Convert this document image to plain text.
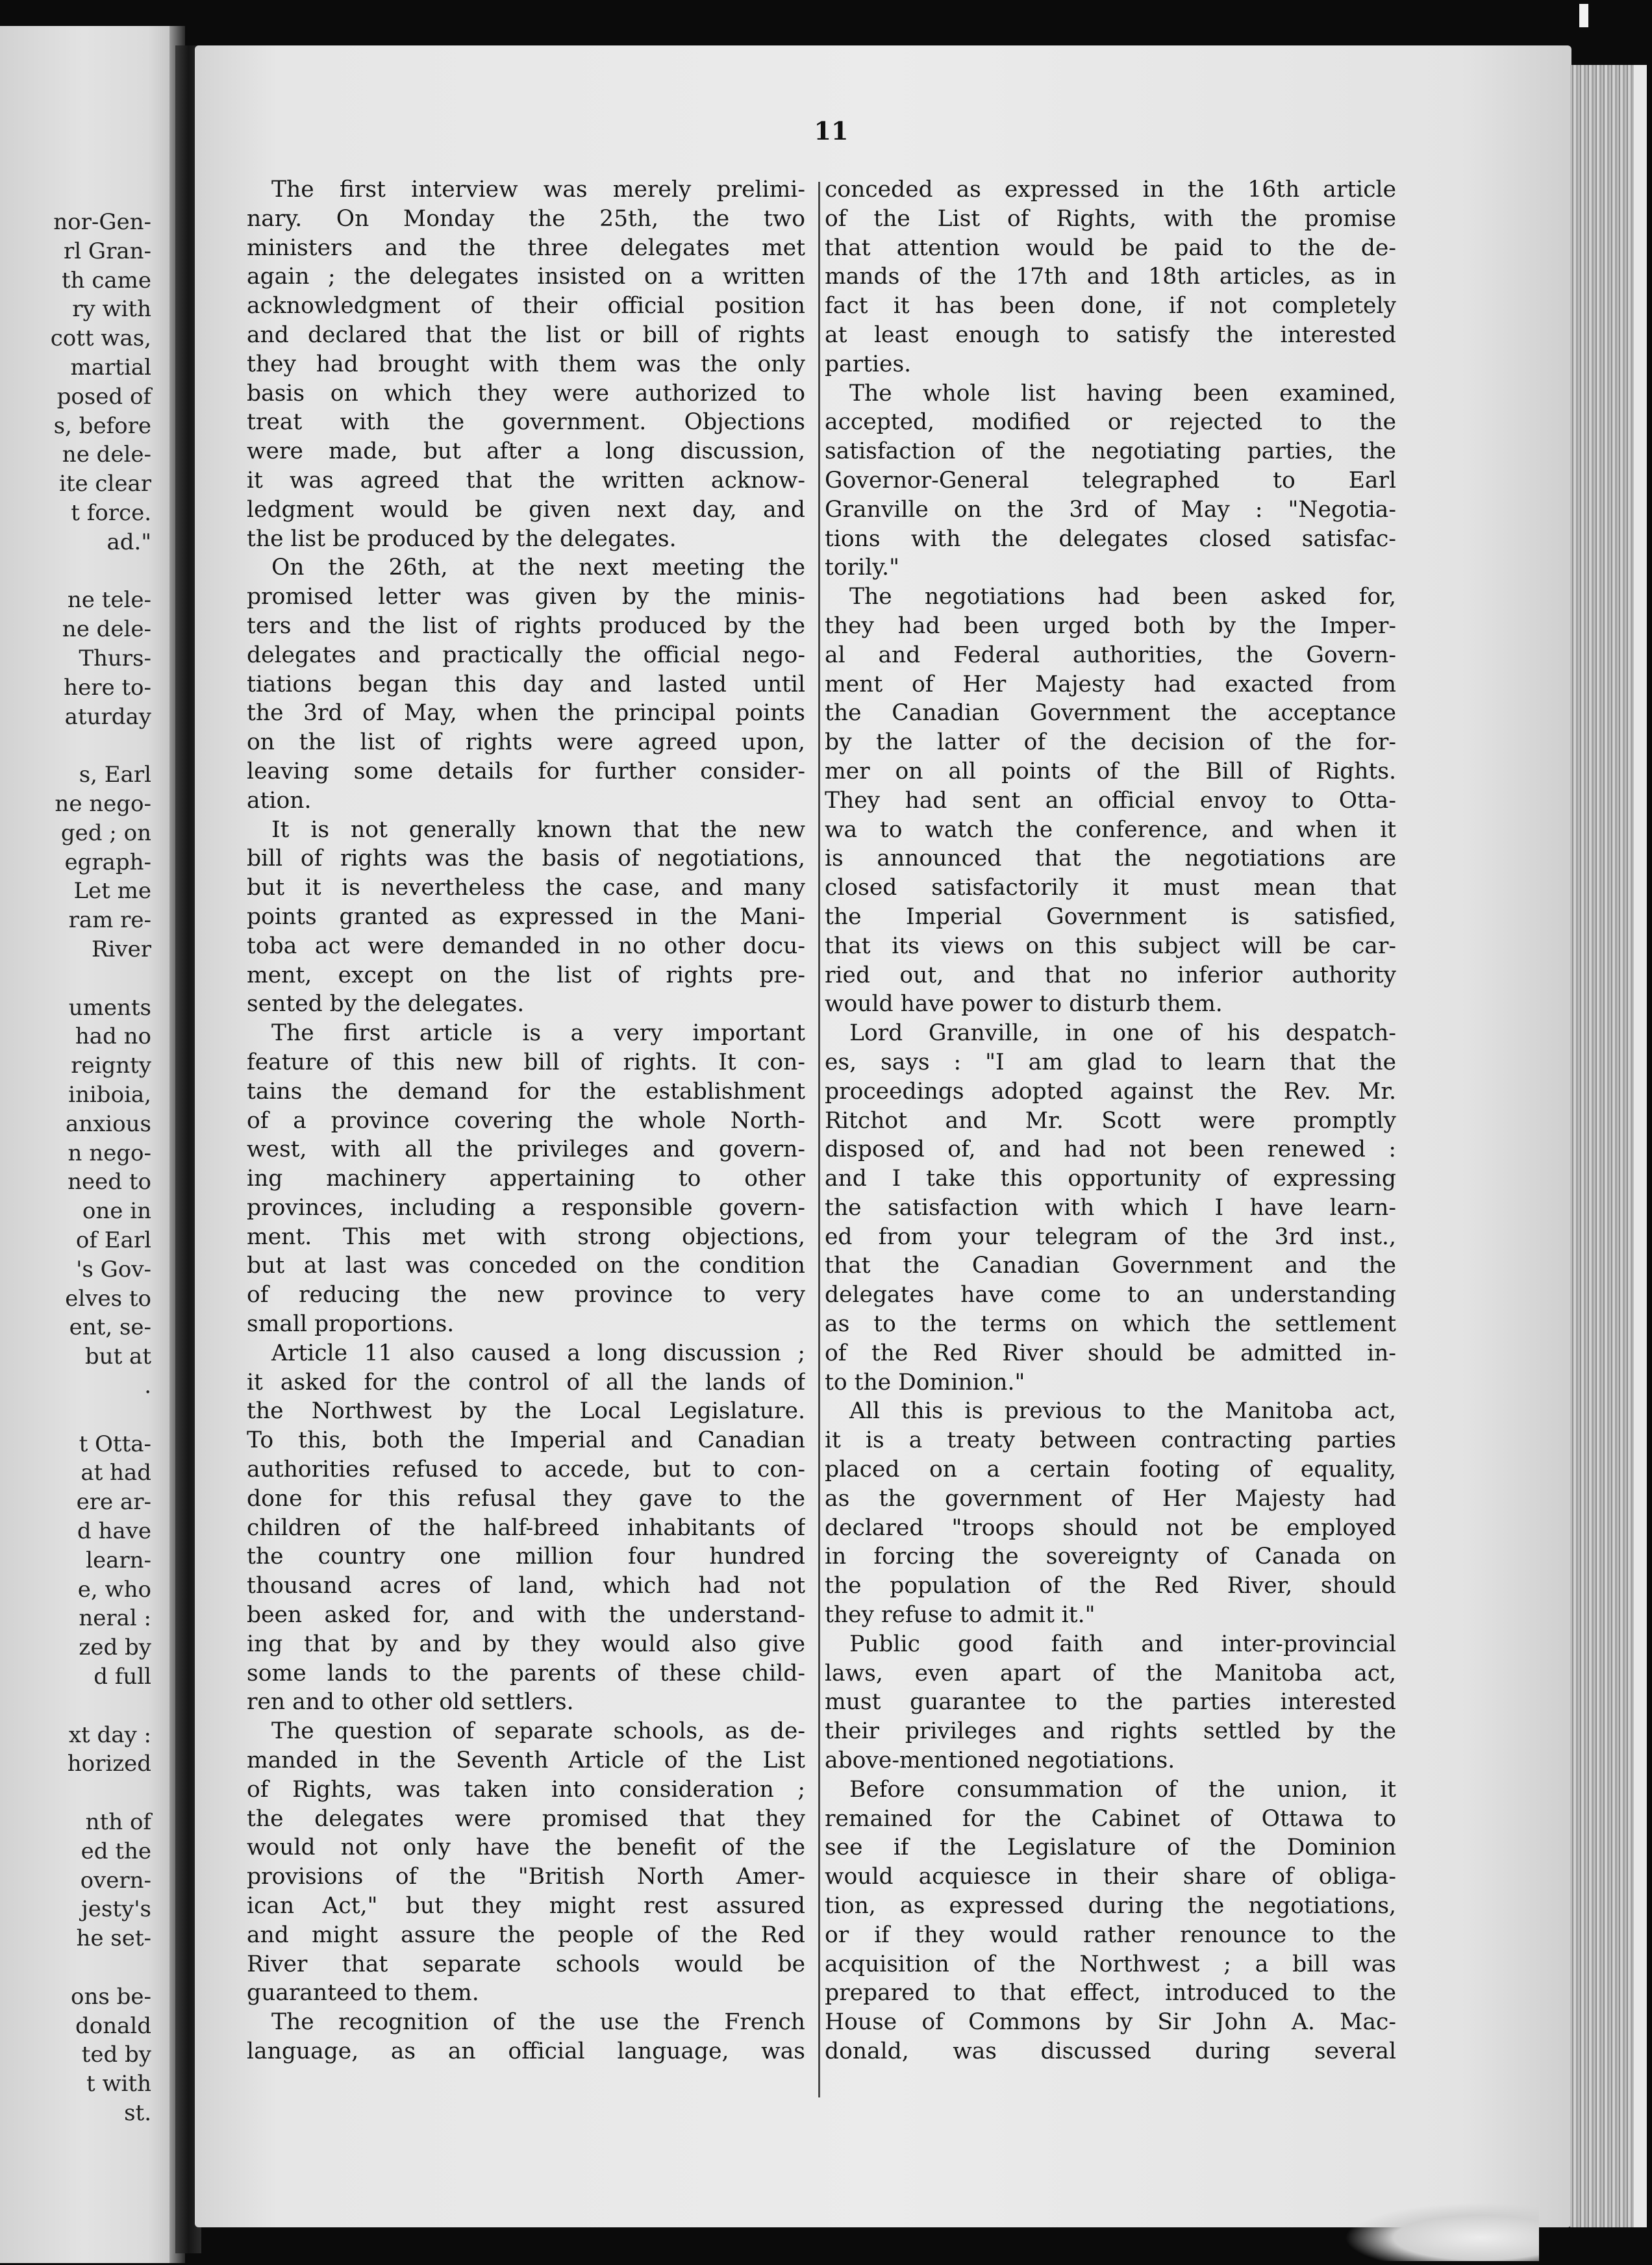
nor-Gen-
rl Gran-
th came
ry with
cott was,
martial
posed of
s, before
ne dele-
ite clear
t force.
ad."
ne tele-
ne dele-
Thurs-
here to-
aturday
s, Earl
ne nego-
ged ; on
egraph-
Let me
ram re-
River
uments
had no
reignty
iniboia,
anxious
n nego-
need to
one in
of Earl
's Gov-
elves to
ent, se-
but at
.
t Otta-
at had
ere ar-
d have
learn-
e, who
neral :
zed by
d full
xt day :
horized
nth of
ed the
overn-
jesty's
he set-
ons be-
donald
ted by
t with
st.
11
The first interview was merely prelimi-
nary. On Monday the 25th, the two
ministers and the three delegates met
again ; the delegates insisted on a written
acknowledgment of their official position
and declared that the list or bill of rights
they had brought with them was the only
basis on which they were authorized to
treat with the government. Objections
were made, but after a long discussion,
it was agreed that the written acknow-
ledgment would be given next day, and
the list be produced by the delegates.
On the 26th, at the next meeting the
promised letter was given by the minis-
ters and the list of rights produced by the
delegates and practically the official nego-
tiations began this day and lasted until
the 3rd of May, when the principal points
on the list of rights were agreed upon,
leaving some details for further consider-
ation.
It is not generally known that the new
bill of rights was the basis of negotiations,
but it is nevertheless the case, and many
points granted as expressed in the Mani-
toba act were demanded in no other docu-
ment, except on the list of rights pre-
sented by the delegates.
The first article is a very important
feature of this new bill of rights. It con-
tains the demand for the establishment
of a province covering the whole North-
west, with all the privileges and govern-
ing machinery appertaining to other
provinces, including a responsible govern-
ment. This met with strong objections,
but at last was conceded on the condition
of reducing the new province to very
small proportions.
Article 11 also caused a long discussion ;
it asked for the control of all the lands of
the Northwest by the Local Legislature.
To this, both the Imperial and Canadian
authorities refused to accede, but to con-
done for this refusal they gave to the
children of the half-breed inhabitants of
the country one million four hundred
thousand acres of land, which had not
been asked for, and with the understand-
ing that by and by they would also give
some lands to the parents of these child-
ren and to other old settlers.
The question of separate schools, as de-
manded in the Seventh Article of the List
of Rights, was taken into consideration ;
the delegates were promised that they
would not only have the benefit of the
provisions of the "British North Amer-
ican Act," but they might rest assured
and might assure the people of the Red
River that separate schools would be
guaranteed to them.
The recognition of the use the French
language, as an official language, was
conceded as expressed in the 16th article
of the List of Rights, with the promise
that attention would be paid to the de-
mands of the 17th and 18th articles, as in
fact it has been done, if not completely
at least enough to satisfy the interested
parties.
The whole list having been examined,
accepted, modified or rejected to the
satisfaction of the negotiating parties, the
Governor-General telegraphed to Earl
Granville on the 3rd of May : "Negotia-
tions with the delegates closed satisfac-
torily."
The negotiations had been asked for,
they had been urged both by the Imper-
al and Federal authorities, the Govern-
ment of Her Majesty had exacted from
the Canadian Government the acceptance
by the latter of the decision of the for-
mer on all points of the Bill of Rights.
They had sent an official envoy to Otta-
wa to watch the conference, and when it
is announced that the negotiations are
closed satisfactorily it must mean that
the Imperial Government is satisfied,
that its views on this subject will be car-
ried out, and that no inferior authority
would have power to disturb them.
Lord Granville, in one of his despatch-
es, says : "I am glad to learn that the
proceedings adopted against the Rev. Mr.
Ritchot and Mr. Scott were promptly
disposed of, and had not been renewed :
and I take this opportunity of expressing
the satisfaction with which I have learn-
ed from your telegram of the 3rd inst.,
that the Canadian Government and the
delegates have come to an understanding
as to the terms on which the settlement
of the Red River should be admitted in-
to the Dominion."
All this is previous to the Manitoba act,
it is a treaty between contracting parties
placed on a certain footing of equality,
as the government of Her Majesty had
declared "troops should not be employed
in forcing the sovereignty of Canada on
the population of the Red River, should
they refuse to admit it."
Public good faith and inter-provincial
laws, even apart of the Manitoba act,
must guarantee to the parties interested
their privileges and rights settled by the
above-mentioned negotiations.
Before consummation of the union, it
remained for the Cabinet of Ottawa to
see if the Legislature of the Dominion
would acquiesce in their share of obliga-
tion, as expressed during the negotiations,
or if they would rather renounce to the
acquisition of the Northwest ; a bill was
prepared to that effect, introduced to the
House of Commons by Sir John A. Mac-
donald, was discussed during several
